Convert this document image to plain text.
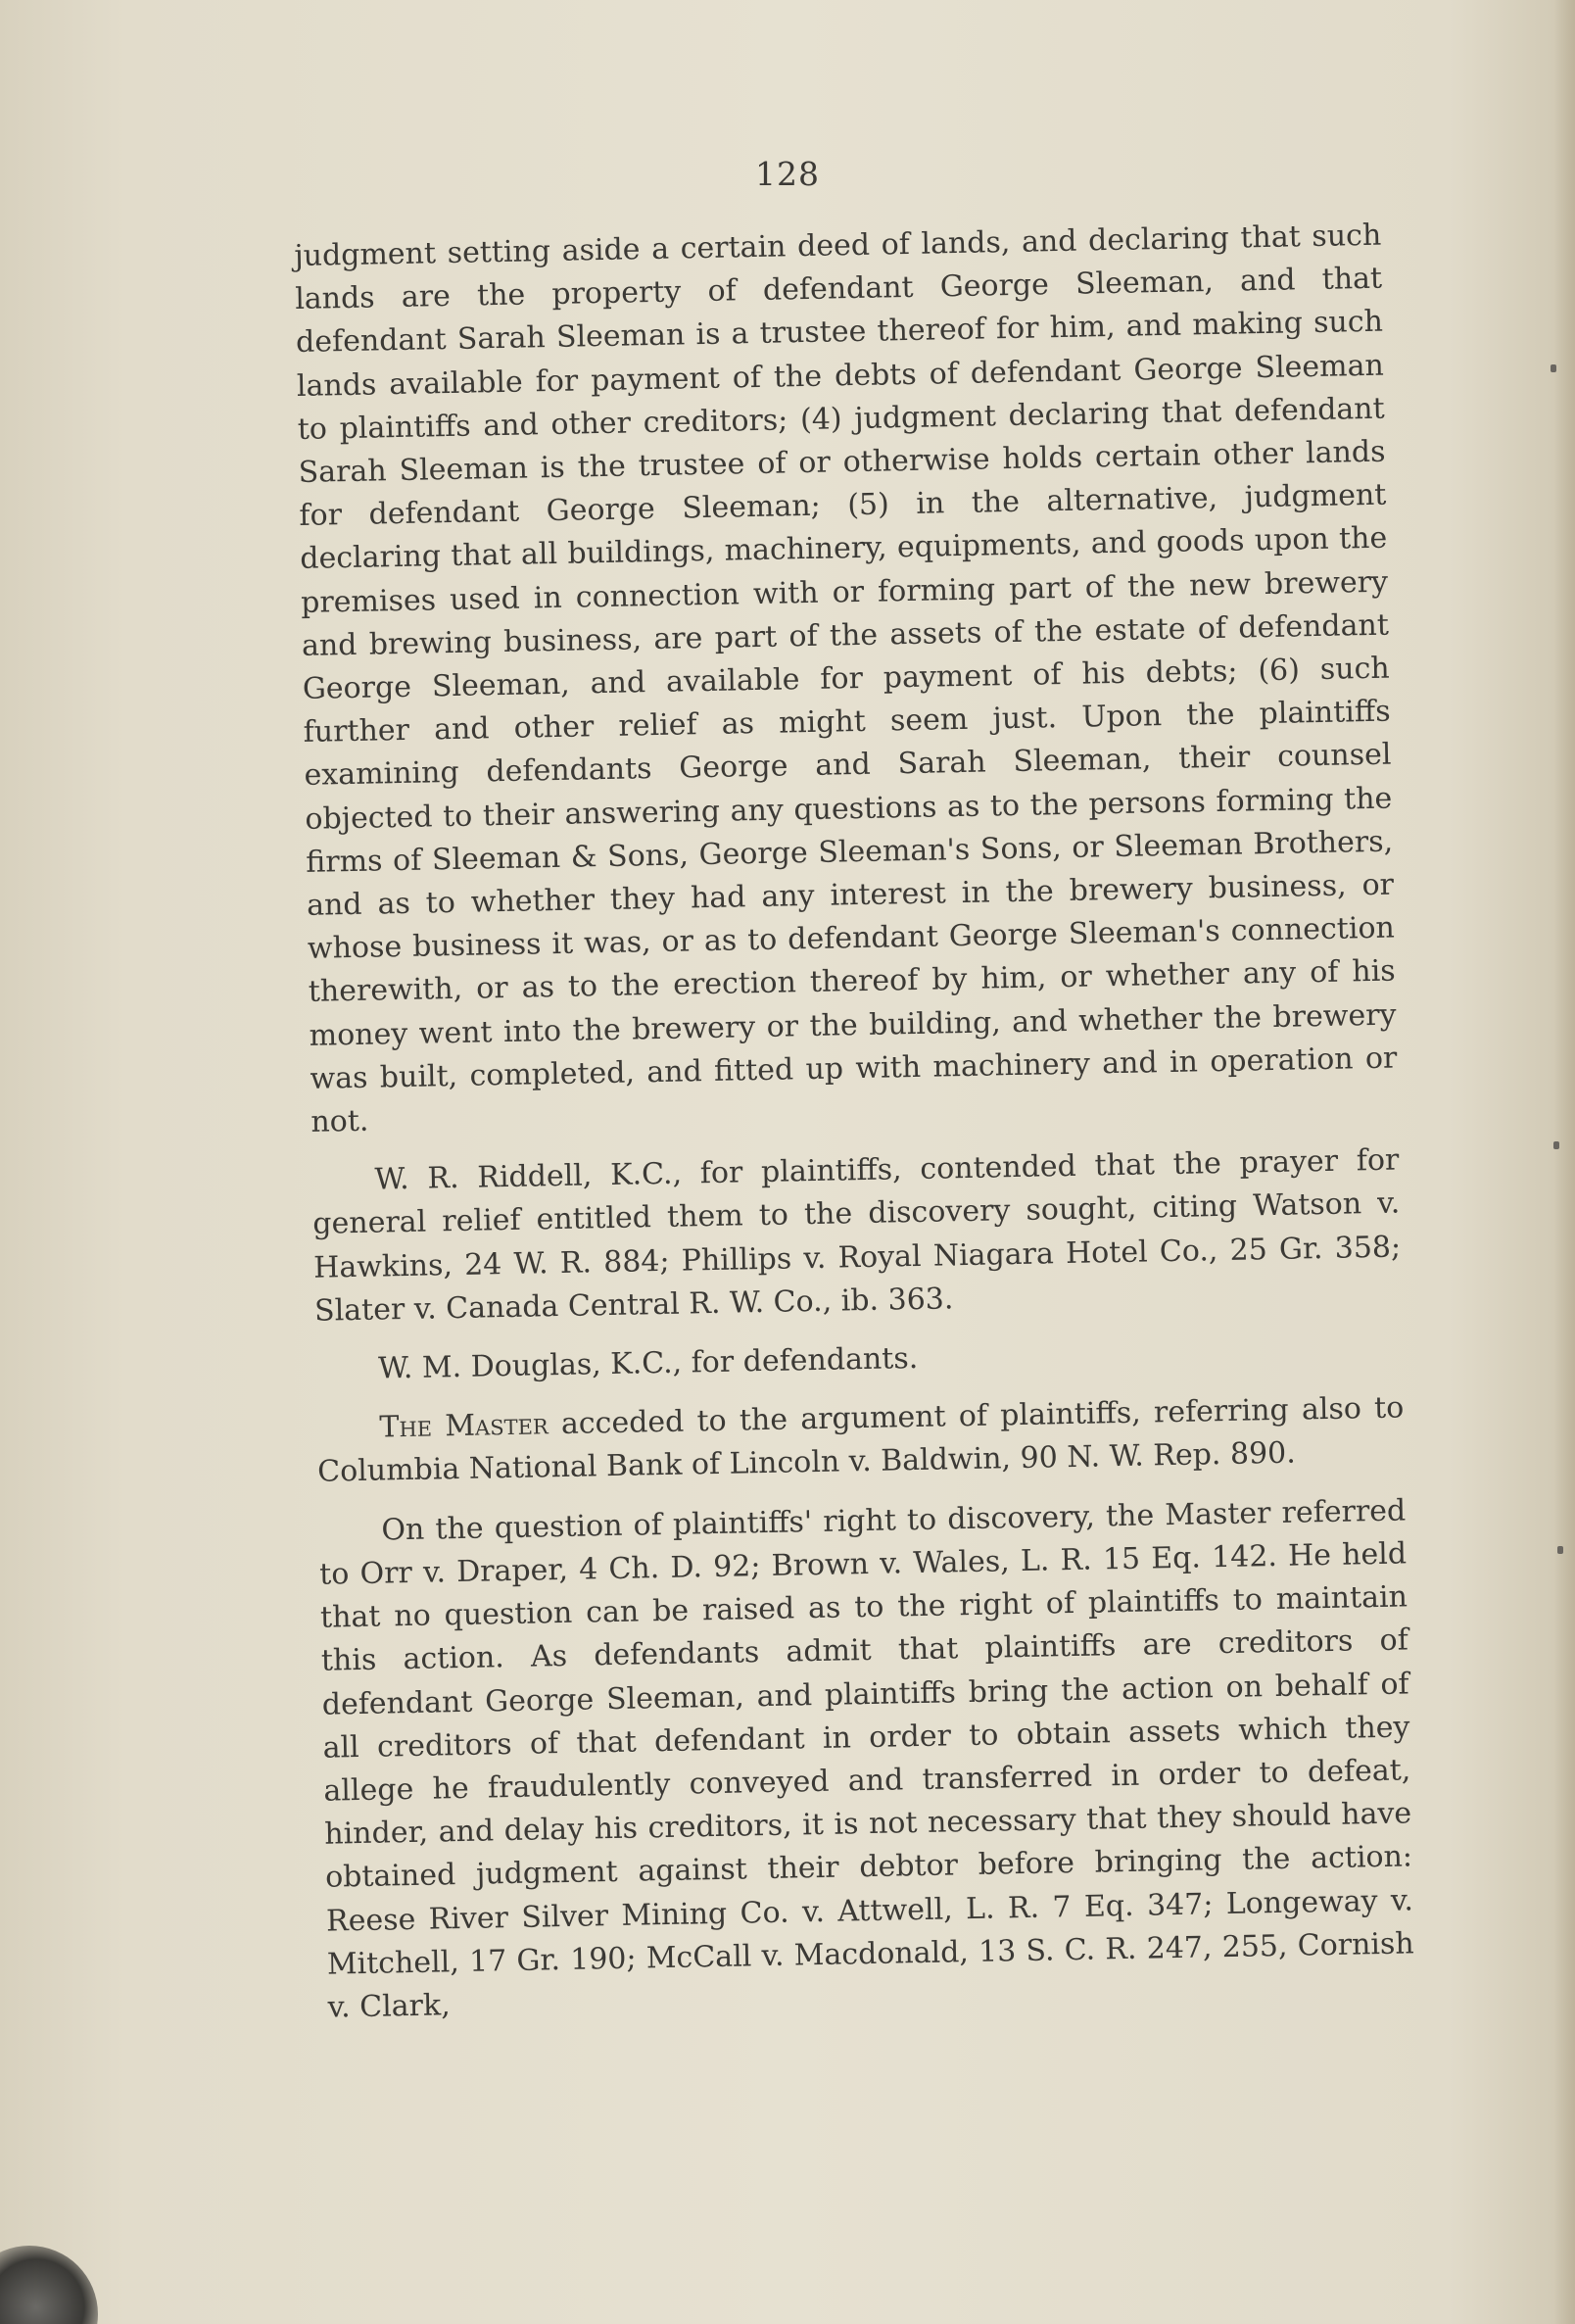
128

judgment setting aside a certain deed of lands, and declaring that such lands are the property of defendant George Sleeman, and that defendant Sarah Sleeman is a trustee thereof for him, and making such lands available for payment of the debts of defendant George Sleeman to plaintiffs and other creditors; (4) judgment declaring that defendant Sarah Sleeman is the trustee of or otherwise holds certain other lands for defendant George Sleeman; (5) in the alternative, judgment declaring that all buildings, machinery, equipments, and goods upon the premises used in connection with or forming part of the new brewery and brewing business, are part of the assets of the estate of defendant George Sleeman, and available for payment of his debts; (6) such further and other relief as might seem just. Upon the plaintiffs examining defendants George and Sarah Sleeman, their counsel objected to their answering any questions as to the persons forming the firms of Sleeman & Sons, George Sleeman's Sons, or Sleeman Brothers, and as to whether they had any interest in the brewery business, or whose business it was, or as to defendant George Sleeman's connection therewith, or as to the erection thereof by him, or whether any of his money went into the brewery or the building, and whether the brewery was built, completed, and fitted up with machinery and in operation or not.

W. R. Riddell, K.C., for plaintiffs, contended that the prayer for general relief entitled them to the discovery sought, citing Watson v. Hawkins, 24 W. R. 884; Phillips v. Royal Niagara Hotel Co., 25 Gr. 358; Slater v. Canada Central R. W. Co., ib. 363.

W. M. Douglas, K.C., for defendants.

The Master acceded to the argument of plaintiffs, referring also to Columbia National Bank of Lincoln v. Baldwin, 90 N. W. Rep. 890.

On the question of plaintiffs' right to discovery, the Master referred to Orr v. Draper, 4 Ch. D. 92; Brown v. Wales, L. R. 15 Eq. 142. He held that no question can be raised as to the right of plaintiffs to maintain this action. As defendants admit that plaintiffs are creditors of defendant George Sleeman, and plaintiffs bring the action on behalf of all creditors of that defendant in order to obtain assets which they allege he fraudulently conveyed and transferred in order to defeat, hinder, and delay his creditors, it is not necessary that they should have obtained judgment against their debtor before bringing the action: Reese River Silver Mining Co. v. Attwell, L. R. 7 Eq. 347; Longeway v. Mitchell, 17 Gr. 190; McCall v. Macdonald, 13 S. C. R. 247, 255, Cornish v. Clark,
